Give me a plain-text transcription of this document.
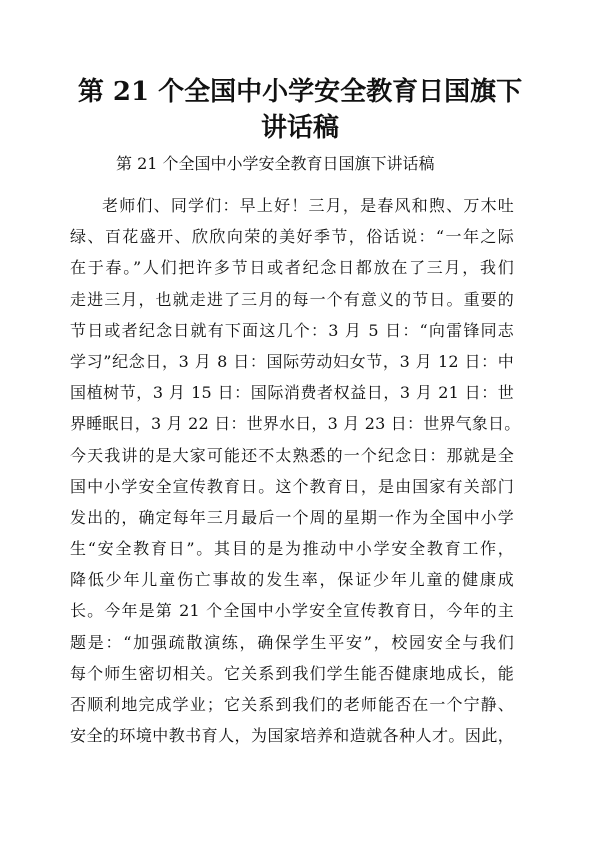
第 21 个全国中小学安全教育日国旗下
讲话稿

第 21 个全国中小学安全教育日国旗下讲话稿

老师们、同学们：早上好！三月，是春风和煦、万木吐
绿、百花盛开、欣欣向荣的美好季节，俗话说：“一年之际
在于春。”人们把许多节日或者纪念日都放在了三月，我们
走进三月，也就走进了三月的每一个有意义的节日。重要的
节日或者纪念日就有下面这几个：3 月 5 日：“向雷锋同志
学习”纪念日，3 月 8 日：国际劳动妇女节，3 月 12 日：中
国植树节，3 月 15 日：国际消费者权益日，3 月 21 日：世
界睡眠日，3 月 22 日：世界水日，3 月 23 日：世界气象日。
今天我讲的是大家可能还不太熟悉的一个纪念日：那就是全
国中小学安全宣传教育日。这个教育日，是由国家有关部门
发出的，确定每年三月最后一个周的星期一作为全国中小学
生“安全教育日”。其目的是为推动中小学安全教育工作，
降低少年儿童伤亡事故的发生率，保证少年儿童的健康成
长。今年是第 21 个全国中小学安全宣传教育日，今年的主
题是：“加强疏散演练，确保学生平安”，校园安全与我们
每个师生密切相关。它关系到我们学生能否健康地成长，能
否顺利地完成学业；它关系到我们的老师能否在一个宁静、
安全的环境中教书育人，为国家培养和造就各种人才。因此，
